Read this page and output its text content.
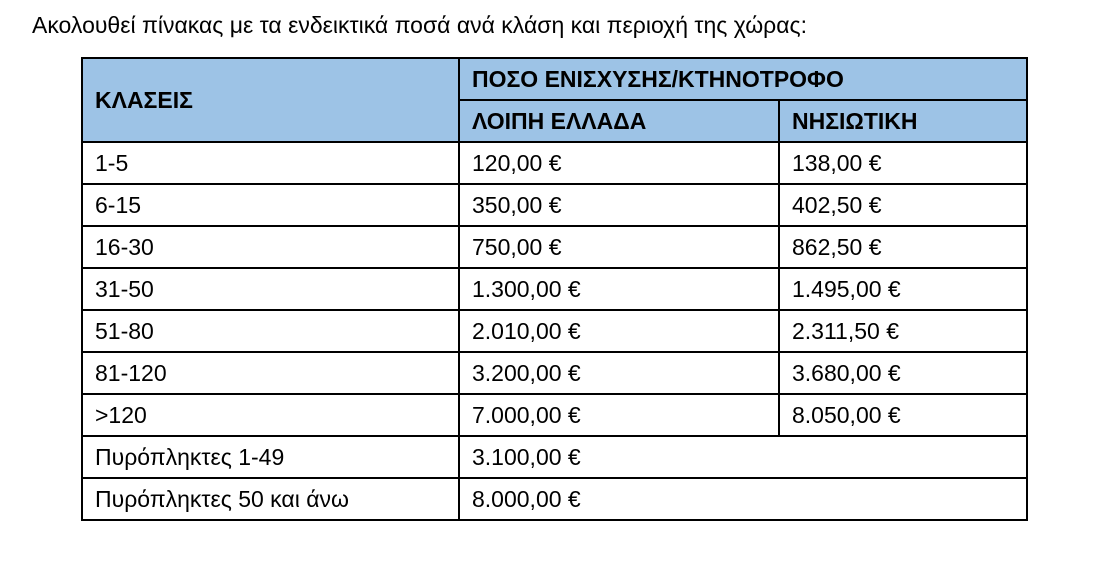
Ακολουθεί πίνακας με τα ενδεικτικά ποσά ανά κλάση και περιοχή της χώρας:
ΚΛΑΣΕΙΣ	ΠΟΣΟ ΕΝΙΣΧΥΣΗΣ/ΚΤΗΝΟΤΡΟΦΟ	
	ΛΟΙΠΗ ΕΛΛΑΔΑ	ΝΗΣΙΩΤΙΚΗ
1-5	120,00 €	138,00 €
6-15	350,00 €	402,50 €
16-30	750,00 €	862,50 €
31-50	1.300,00 €	1.495,00 €
51-80	2.010,00 €	2.311,50 €
81-120	3.200,00 €	3.680,00 €
>120	7.000,00 €	8.050,00 €
Πυρόπληκτες 1-49	3.100,00 €	
Πυρόπληκτες 50 και άνω	8.000,00 €	
